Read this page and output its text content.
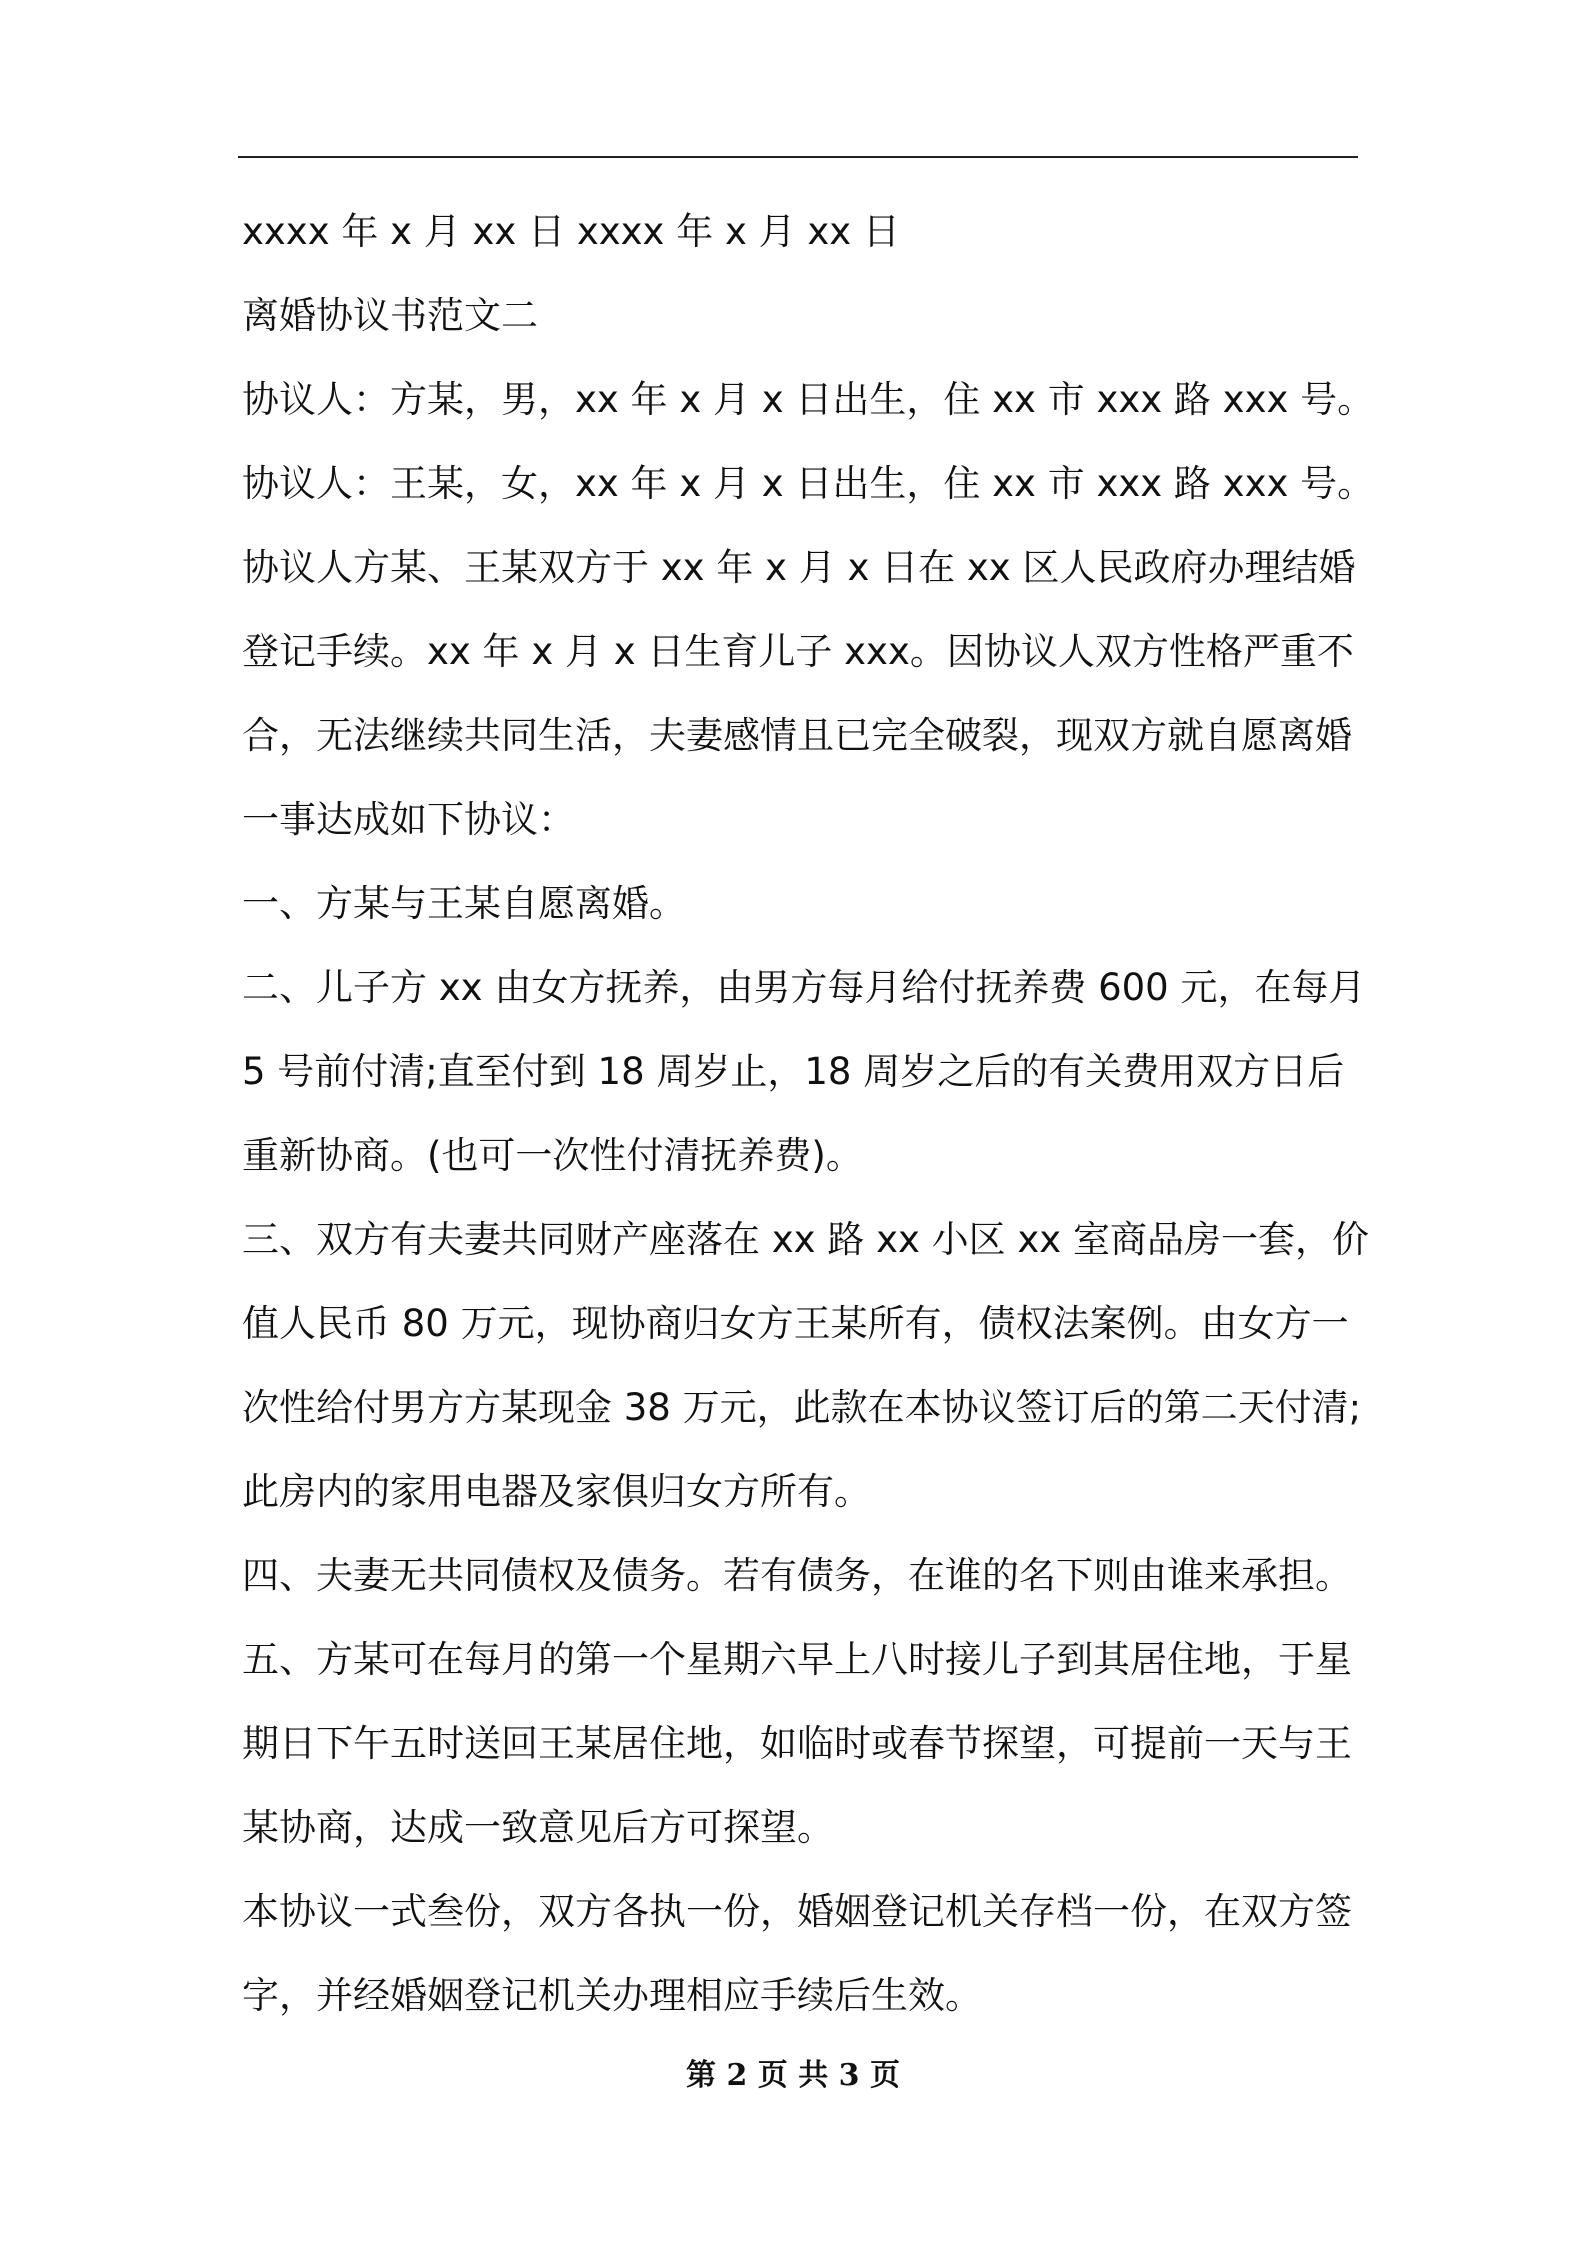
xxxx 年 x 月 xx 日 xxxx 年 x 月 xx 日

离婚协议书范文二

协议人：方某，男，xx 年 x 月 x 日出生，住 xx 市 xxx 路 xxx 号。

协议人：王某，女，xx 年 x 月 x 日出生，住 xx 市 xxx 路 xxx 号。

协议人方某、王某双方于 xx 年 x 月 x 日在 xx 区人民政府办理结婚
登记手续。xx 年 x 月 x 日生育儿子 xxx。因协议人双方性格严重不
合，无法继续共同生活，夫妻感情且已完全破裂，现双方就自愿离婚
一事达成如下协议：

一、方某与王某自愿离婚。

二、儿子方 xx 由女方抚养，由男方每月给付抚养费 600 元，在每月
5 号前付清;直至付到 18 周岁止，18 周岁之后的有关费用双方日后
重新协商。(也可一次性付清抚养费)。

三、双方有夫妻共同财产座落在 xx 路 xx 小区 xx 室商品房一套，价
值人民币 80 万元，现协商归女方王某所有，债权法案例。由女方一
次性给付男方方某现金 38 万元，此款在本协议签订后的第二天付清;
此房内的家用电器及家俱归女方所有。

四、夫妻无共同债权及债务。若有债务，在谁的名下则由谁来承担。

五、方某可在每月的第一个星期六早上八时接儿子到其居住地，于星
期日下午五时送回王某居住地，如临时或春节探望，可提前一天与王
某协商，达成一致意见后方可探望。

本协议一式叁份，双方各执一份，婚姻登记机关存档一份，在双方签
字，并经婚姻登记机关办理相应手续后生效。

第 2 页 共 3 页
